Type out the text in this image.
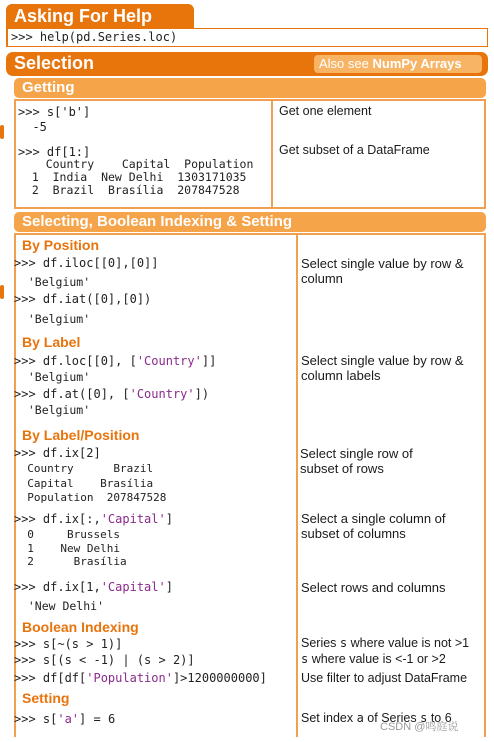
Asking For Help
>>> help(pd.Series.loc)
Selection	Also see NumPy Arrays
Getting
>>> s['b']
-5
Get one element
>>> df[1:]
Country    Capital  Population
1  India  New Delhi  1303171035
2  Brazil  Brasília  207847528
Get subset of a DataFrame
Selecting, Boolean Indexing & Setting
By Position
>>> df.iloc[[0],[0]]
'Belgium'
>>> df.iat([0],[0])
'Belgium'
Select single value by row &
column
By Label
>>> df.loc[[0], ['Country']]
'Belgium'
>>> df.at([0], ['Country'])
'Belgium'
Select single value by row &
column labels
By Label/Position
>>> df.ix[2]
Country      Brazil
Capital    Brasília
Population  207847528
Select single row of
subset of rows
>>> df.ix[:,'Capital']
0     Brussels
1    New Delhi
2      Brasília
Select a single column of
subset of columns
>>> df.ix[1,'Capital']
'New Delhi'
Select rows and columns
Boolean Indexing
>>> s[~(s > 1)]
>>> s[(s < -1) | (s > 2)]
>>> df[df['Population']>1200000000]
Series s where value is not >1
s where value is <-1 or >2
Use filter to adjust DataFrame
Setting
>>> s['a'] = 6	Set index a of Series s to 6
CSDN @鸣庭说
